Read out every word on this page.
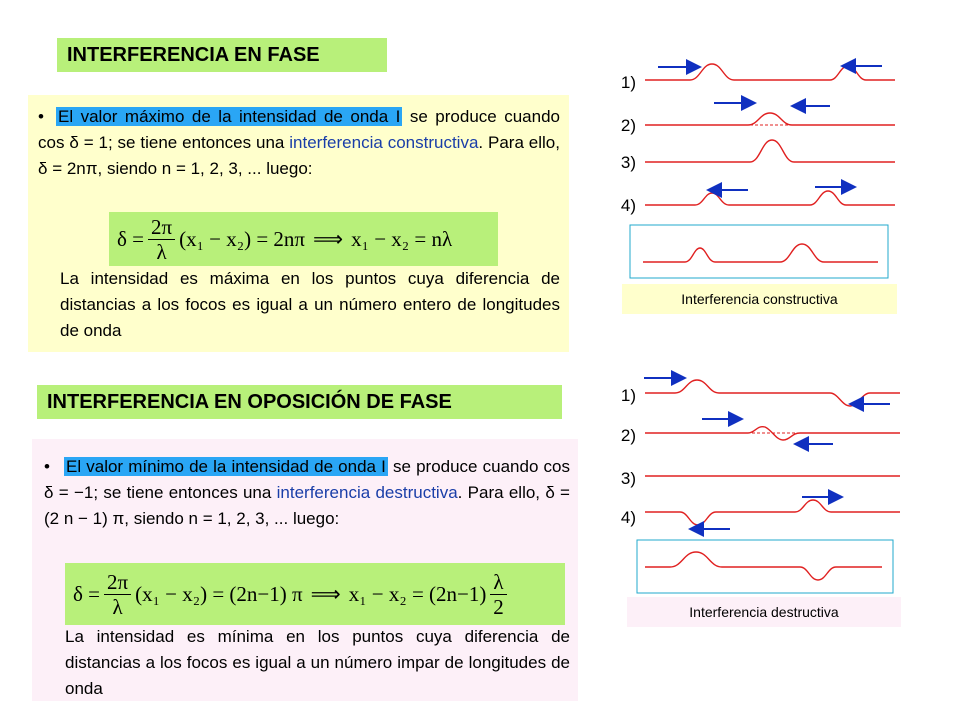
INTERFERENCIA EN FASE
• El valor máximo de la intensidad de onda I se produce cuando cos δ = 1; se tiene entonces una interferencia constructiva. Para ello, δ = 2nπ, siendo n = 1, 2, 3, ... luego:
$\delta = \frac{2\pi}{\lambda} (x_1 - x_2) = 2n\pi$ ⟹ x₁ − x₂ = nλ
La intensidad es máxima en los puntos cuya diferencia de distancias a los focos es igual a un número entero de longitudes de onda
1)
2)
3)
4)
Interferencia constructiva
INTERFERENCIA EN OPOSICIÓN DE FASE
• El valor mínimo de la intensidad de onda I se produce cuando cos δ = −1; se tiene entonces una interferencia destructiva. Para ello, δ = (2 n − 1) π, siendo n = 1, 2, 3, ... luego:
$\delta = \frac{2\pi}{\lambda} (x_1 - x_2) = (2n-1)$ π ⟹ $x_1 - x_2 = (2n-1) \frac{\lambda}{2}$
La intensidad es mínima en los puntos cuya diferencia de distancias a los focos es igual a un número impar de longitudes de onda
1)
2)
3)
4)
Interferencia destructiva
